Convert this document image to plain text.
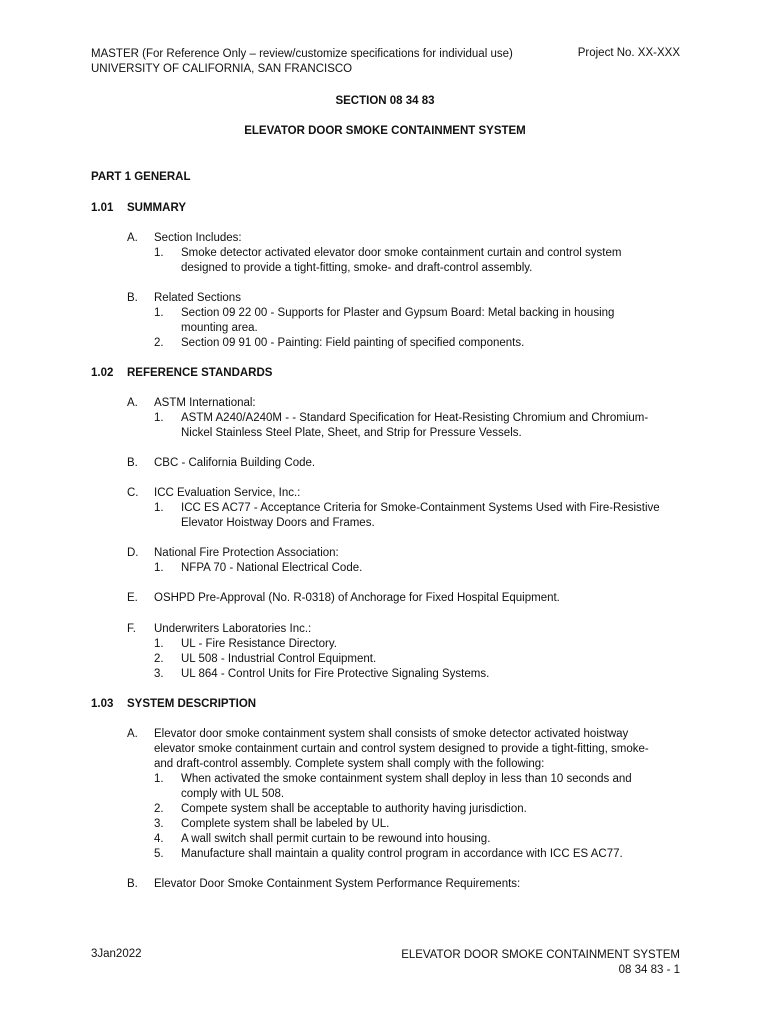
MASTER (For Reference Only – review/customize specifications for individual use)
UNIVERSITY OF CALIFORNIA, SAN FRANCISCO
Project No. XX-XXX
SECTION 08 34 83
ELEVATOR DOOR SMOKE CONTAINMENT SYSTEM
PART 1 GENERAL
1.01 SUMMARY
A. Section Includes:
1. Smoke detector activated elevator door smoke containment curtain and control system
designed to provide a tight-fitting, smoke- and draft-control assembly.
B. Related Sections
1. Section 09 22 00 - Supports for Plaster and Gypsum Board: Metal backing in housing
mounting area.
2. Section 09 91 00 - Painting: Field painting of specified components.
1.02 REFERENCE STANDARDS
A. ASTM International:
1. ASTM A240/A240M - - Standard Specification for Heat-Resisting Chromium and Chromium-
Nickel Stainless Steel Plate, Sheet, and Strip for Pressure Vessels.
B. CBC - California Building Code.
C. ICC Evaluation Service, Inc.:
1. ICC ES AC77 - Acceptance Criteria for Smoke-Containment Systems Used with Fire-Resistive
Elevator Hoistway Doors and Frames.
D. National Fire Protection Association:
1. NFPA 70 - National Electrical Code.
E. OSHPD Pre-Approval (No. R-0318) of Anchorage for Fixed Hospital Equipment.
F. Underwriters Laboratories Inc.:
1. UL - Fire Resistance Directory.
2. UL 508 - Industrial Control Equipment.
3. UL 864 - Control Units for Fire Protective Signaling Systems.
1.03 SYSTEM DESCRIPTION
A. Elevator door smoke containment system shall consists of smoke detector activated hoistway
elevator smoke containment curtain and control system designed to provide a tight-fitting, smoke-
and draft-control assembly. Complete system shall comply with the following:
1. When activated the smoke containment system shall deploy in less than 10 seconds and
comply with UL 508.
2. Compete system shall be acceptable to authority having jurisdiction.
3. Complete system shall be labeled by UL.
4. A wall switch shall permit curtain to be rewound into housing.
5. Manufacture shall maintain a quality control program in accordance with ICC ES AC77.
B. Elevator Door Smoke Containment System Performance Requirements:
3Jan2022	ELEVATOR DOOR SMOKE CONTAINMENT SYSTEM
08 34 83 - 1
